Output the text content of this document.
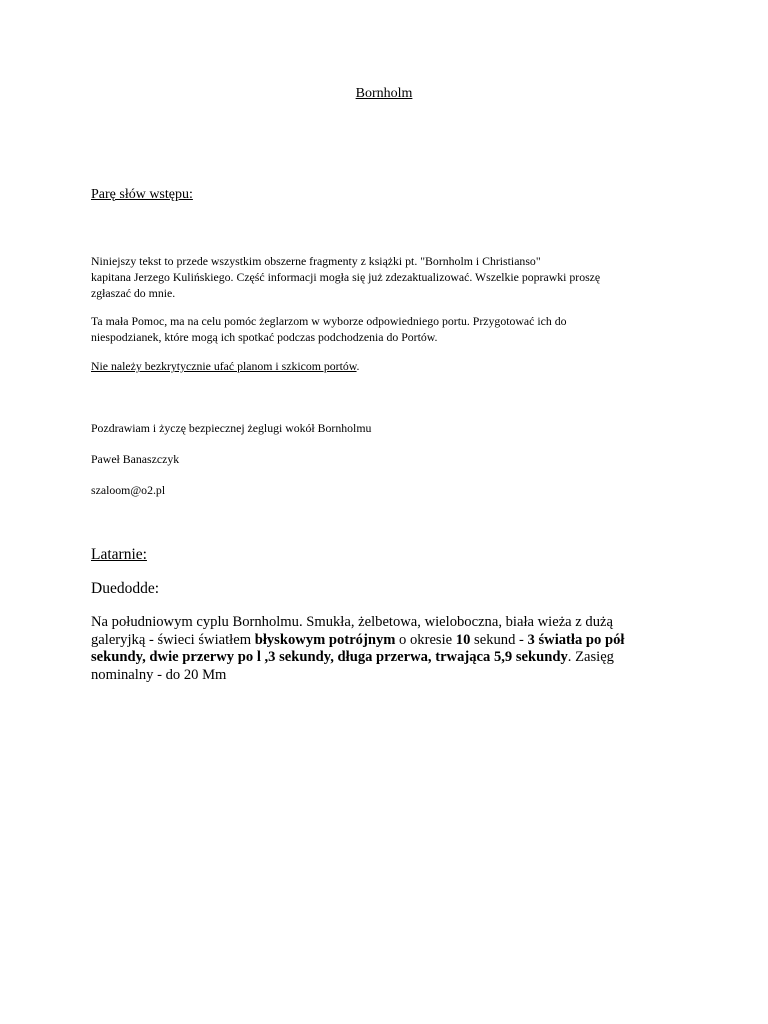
Bornholm

Parę słów wstępu:

Niniejszy tekst to przede wszystkim obszerne fragmenty z książki pt. "Bornholm i Christianso"
kapitana Jerzego Kulińskiego. Część informacji mogła się już zdezaktualizować. Wszelkie poprawki proszę
zgłaszać do mnie.
Ta mała Pomoc, ma na celu pomóc żeglarzom w wyborze odpowiedniego portu. Przygotować ich do
niespodzianek, które mogą ich spotkać podczas podchodzenia do Portów.
Nie należy bezkrytycznie ufać planom i szkicom portów.

Pozdrawiam i życzę bezpiecznej żeglugi wokół Bornholmu

Paweł Banaszczyk

szaloom@o2.pl

Latarnie:

Duedodde:

Na południowym cyplu Bornholmu. Smukła, żelbetowa, wieloboczna, biała wieża z dużą
galeryjką - świeci światłem błyskowym potrójnym o okresie 10 sekund - 3 światła po pół
sekundy, dwie przerwy po l ,3 sekundy, długa przerwa, trwająca 5,9 sekundy. Zasięg
nominalny - do 20 Mm
